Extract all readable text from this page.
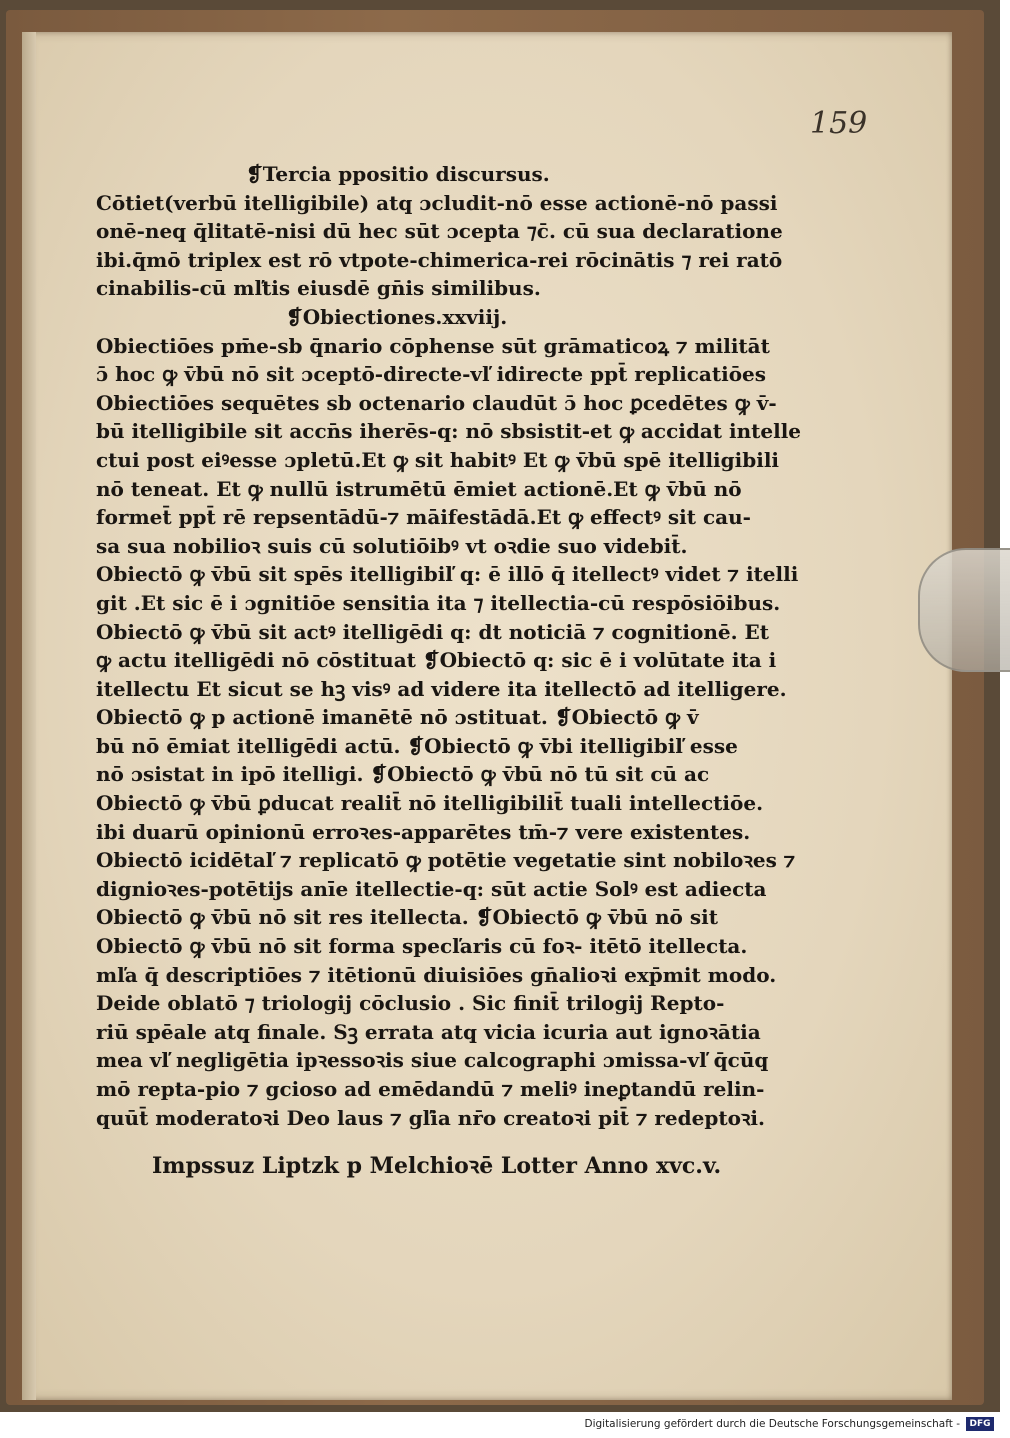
159
❡Tercia ppositio discursus.
Cōtiet(verbū itelligibile) atq̧ ɔcludit-nō esse actionē-nō passi
onē-neq̧ q̄litatē-nisi dū hec sūt ɔcepta ⁊c̄. cū sua declaratione
ibi.q̄mō triplex est rō vtpote-chimerica-rei rōcinātis ⁊ rei ratō
cinabilis-cū mľtis eiusdē gn̄is similibus.
❡Obiectiones.xxviij.
Obiectiōes pm̄e-sb q̄nario cōphense sūt grāmaticoꝝ ⁊ militāt
ɔ̄ hoc ꝙ v̄bū nō sit ɔceptō-directe-vľ idirecte ppt̄ replicatiōes
Obiectiōes sequētes sb octenario claudūt ɔ̄ hoc ꝑcedētes ꝙ v̄-
bū itelligibile sit accn̄s iherēs-q: nō sbsistit-et ꝙ accidat intelle
ctui post eiꝰesse ɔpletū.Et ꝙ sit habitꝰ Et ꝙ v̄bū spē itelligibili
nō teneat. Et ꝙ nullū istrumētū ēmiet actionē.Et ꝙ v̄bū nō
formet̄ ppt̄ rē repsentādū-⁊ māifestādā.Et ꝙ effectꝰ sit cau-
sa sua nobilioꝛ suis cū solutiōibꝰ vt oꝛdie suo videbit̄.
Obiectō ꝙ v̄bū sit spēs itelligibiľ q: ē illō q̄ itellectꝰ videt ⁊ itelli
git .Et sic ē i ɔgnitiōe sensitia ita ⁊ itellectia-cū respōsiōibus.
Obiectō ꝙ v̄bū sit actꝰ itelligēdi q: dt noticiā ⁊ cognitionē. Et
ꝙ actu itelligēdi nō cōstituat ❡Obiectō q: sic ē i volūtate ita i
itellectu Et sicut se hꝫ visꝰ ad videre ita itellectō ad itelligere.
Obiectō ꝙ p actionē imanētē nō ɔstituat. ❡Obiectō ꝙ v̄
bū nō ēmiat itelligēdi actū. ❡Obiectō ꝙ v̄bi itelligibiľ esse
nō ɔsistat in ipō itelligi. ❡Obiectō ꝙ v̄bū nō tū sit cū ac
Obiectō ꝙ v̄bū ꝑducat realit̄ nō itelligibilit̄ tuali intellectiōe.
ibi duarū opinionū erroꝛes-apparētes tm̄-⁊ vere existentes.
Obiectō icidētaľ ⁊ replicatō ꝙ potētie vegetatie sint nobiloꝛes ⁊
dignioꝛes-potētijs anīe itellectie-q: sūt actie Solꝰ est adiecta
Obiectō ꝙ v̄bū nō sit res itellecta. ❡Obiectō ꝙ v̄bū nō sit
Obiectō ꝙ v̄bū nō sit forma specľaris cū foꝛ- itētō itellecta.
mľa q̄ descriptiōes ⁊ itētionū diuisiōes gn̄alioꝛi exp̄mit modo.
Deide oblatō ⁊ triologij cōclusio . Sic finit̄ trilogij Repto-
riū spēale atq̧ finale. Sꝫ errata atq̧ vicia icuria aut ignoꝛātia
mea vľ negligētia ipꝛessoꝛis siue calcographi ɔmissa-vľ q̄cūq̧
mō repta-pio ⁊ gcioso ad emēdandū ⁊ meliꝰ ineꝑtandū relin-
quūt̄ moderatoꝛi Deo laus ⁊ gľia nr̄o creatoꝛi pit̄ ⁊ redeptoꝛi.
Impssuz Liptzk p Melchioꝛē Lotter Anno xvc.v.
Digitalisierung gefördert durch die Deutsche Forschungsgemeinschaft -	DFG
